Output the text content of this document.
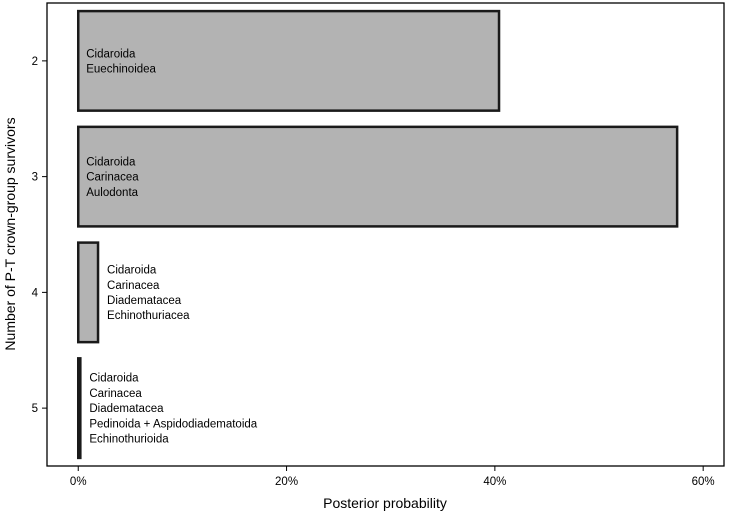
Cidaroida
Euechinoidea
Cidaroida
Carinacea
Aulodonta
Cidaroida
Carinacea
Diadematacea
Echinothuriacea
Cidaroida
Carinacea
Diadematacea
Pedinoida + Aspidodiadematoida
Echinothurioida
2
3
4
5
0%	20%	40%	60%
Posterior probability
Number of P-T crown-group survivors
